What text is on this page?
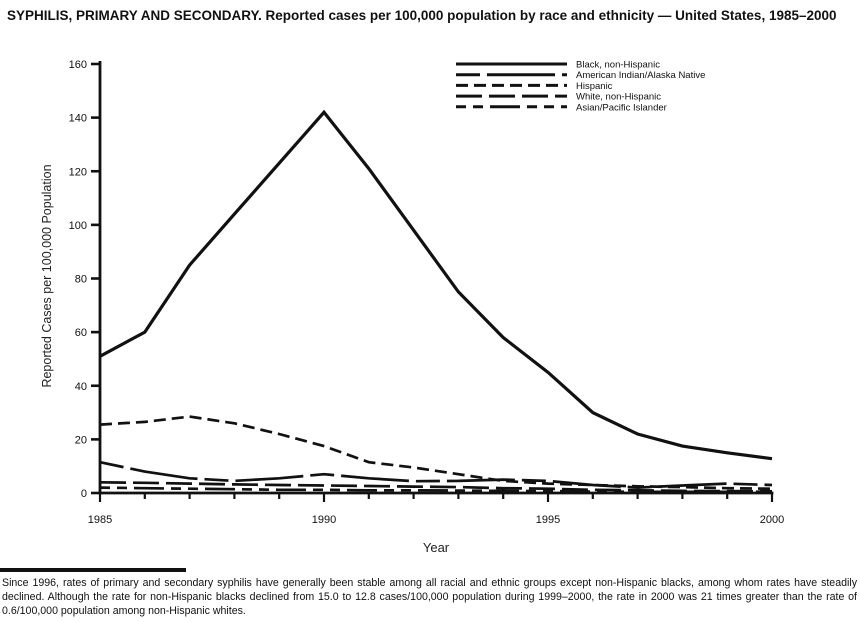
SYPHILIS, PRIMARY AND SECONDARY. Reported cases per 100,000 population by race and ethnicity — United States, 1985–2000
0
20
40
60
80
100
120
140
160
1985	1990	1995	2000
Black, non-Hispanic
American Indian/Alaska Native
Hispanic
White, non-Hispanic
Asian/Pacific Islander
Reported Cases per 100,000 Population
Year
Since 1996, rates of primary and secondary syphilis have generally been stable among all racial and ethnic groups except non-Hispanic blacks, among whom rates have steadily declined. Although the rate for non-Hispanic blacks declined from 15.0 to 12.8 cases/100,000 population during 1999–2000, the rate in 2000 was 21 times greater than the rate of 0.6/100,000 population among non-Hispanic whites.
